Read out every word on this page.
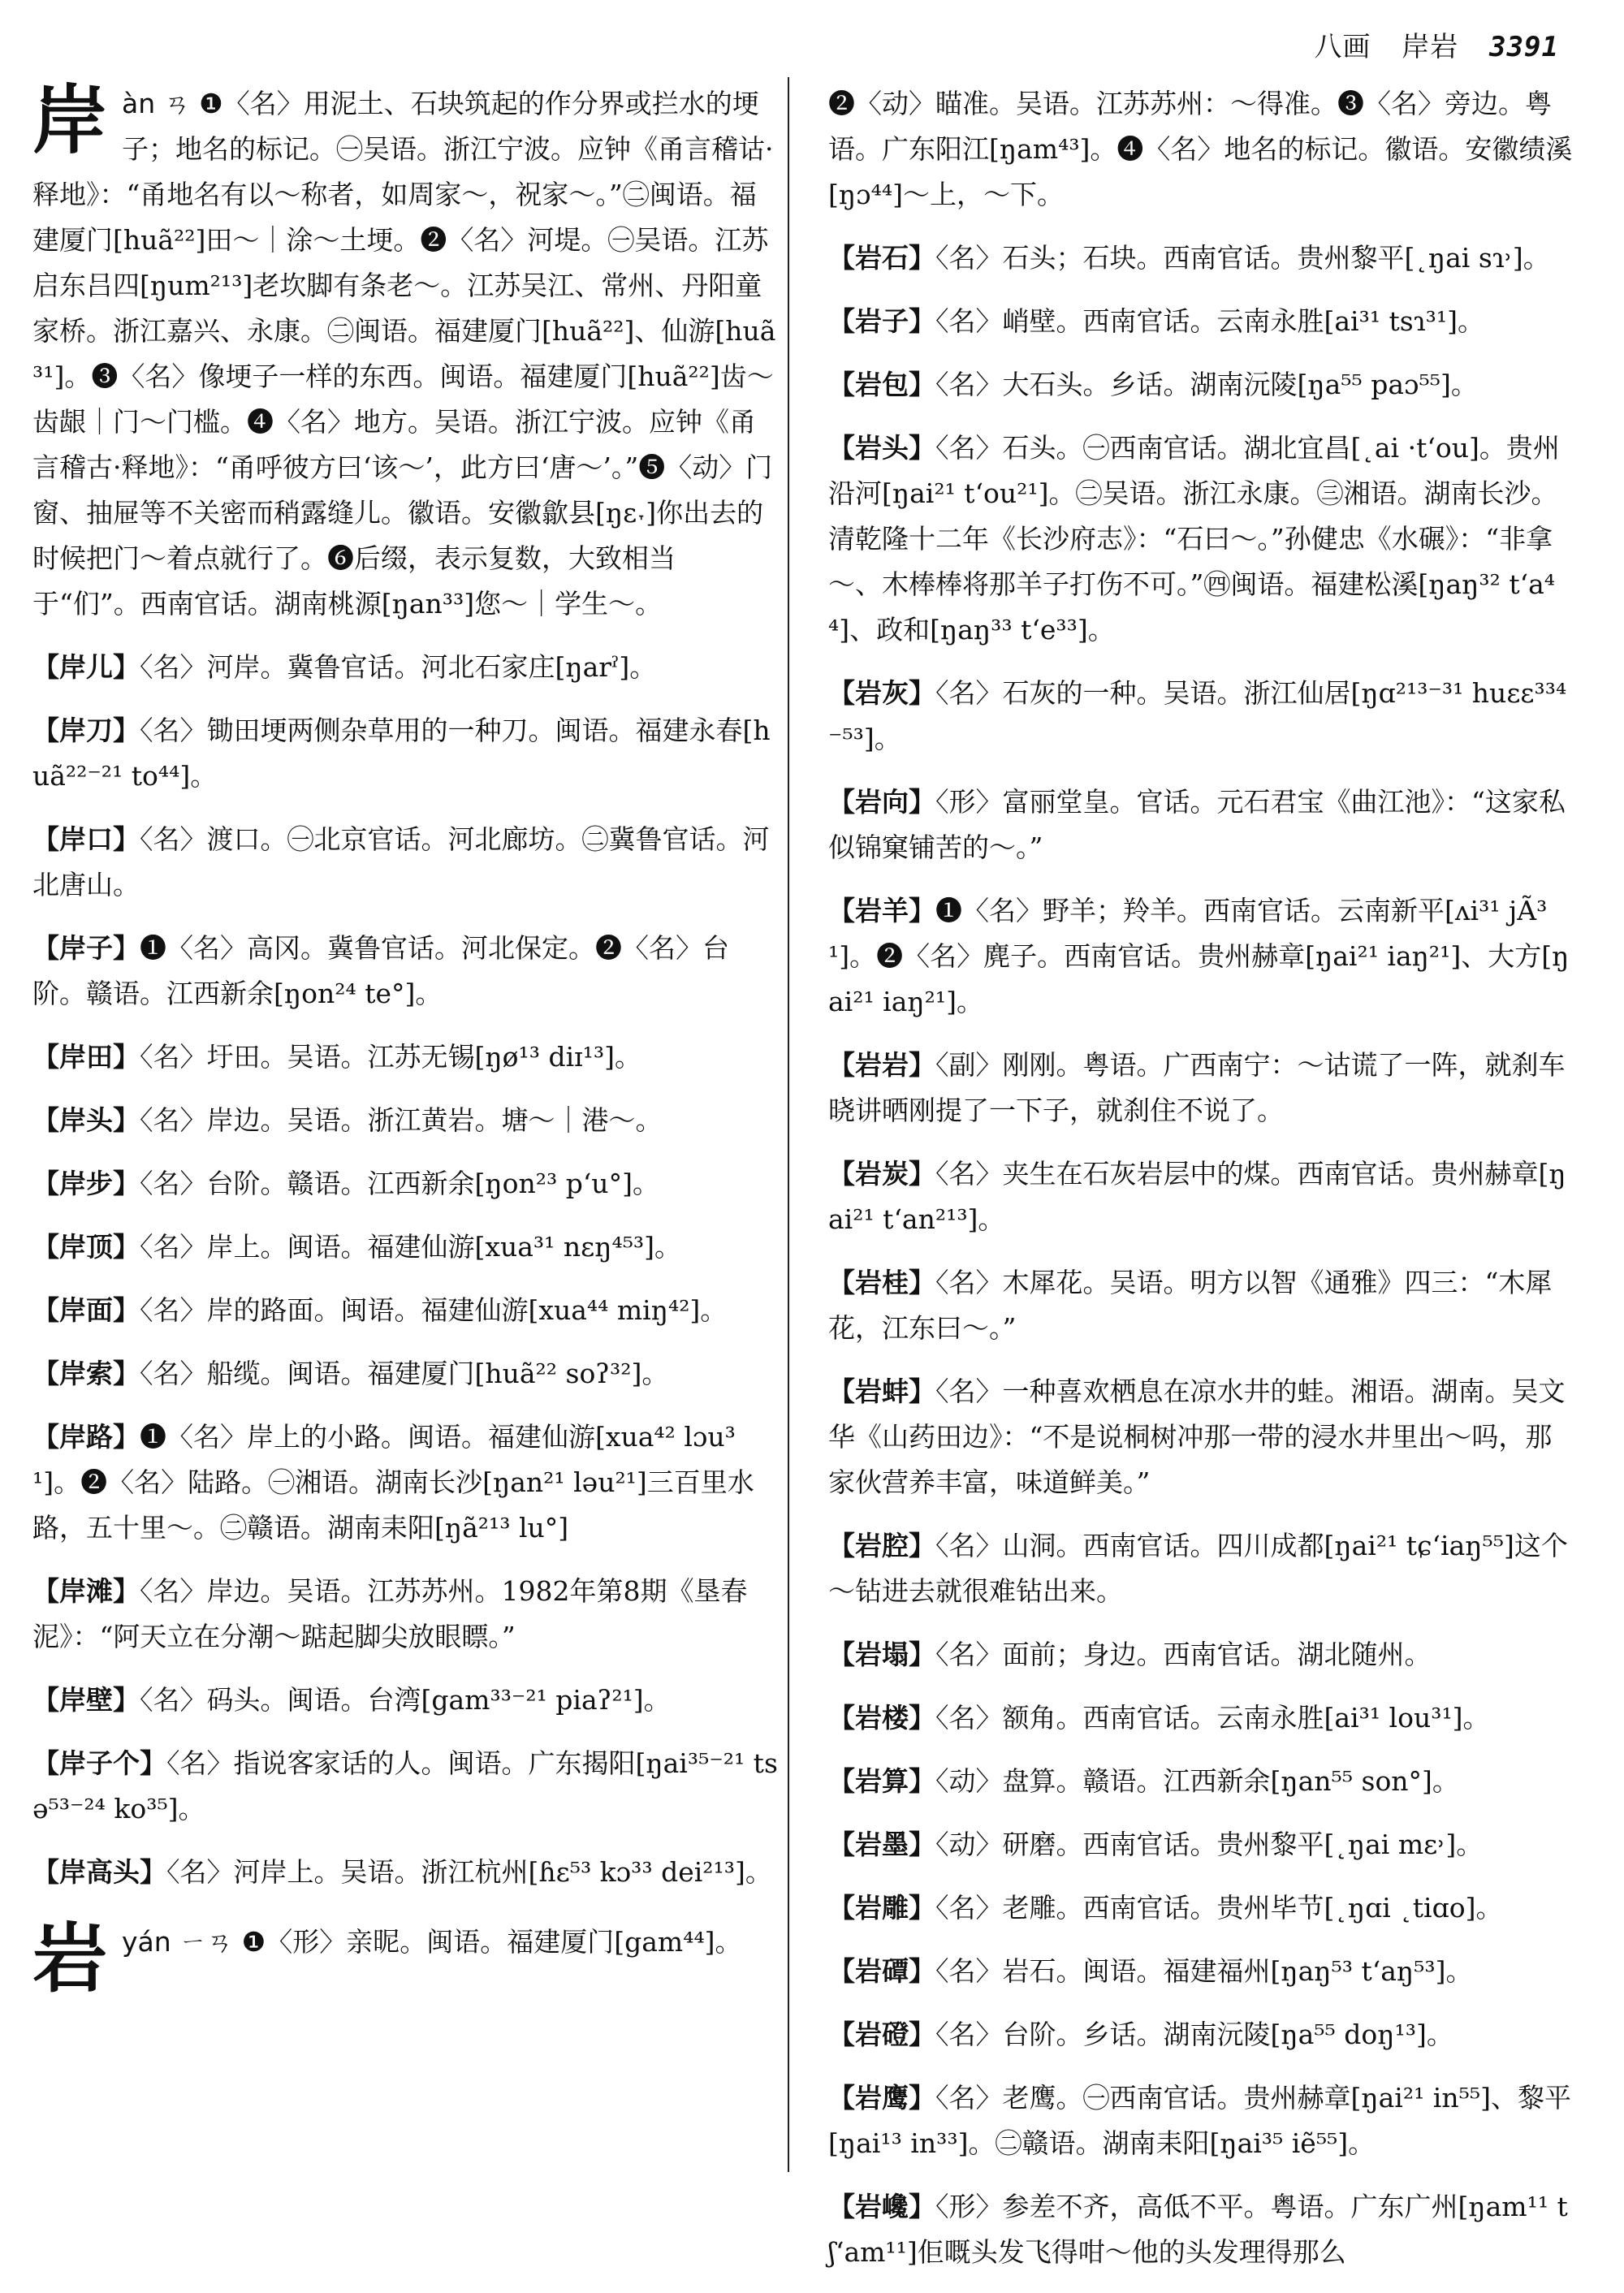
八画 岸岩 3391
岸 àn ㄢ ❶〈名〉用泥土、石块筑起的作分界或拦水的埂子；地名的标记。㊀吴语。浙江宁波。应钟《甬言稽诂·释地》：“甬地名有以～称者，如周家～，祝家～。”㊁闽语。福建厦门[huã²²]田～｜涂～土埂。❷〈名〉河堤。㊀吴语。江苏启东吕四[ŋum²¹³]老坎脚有条老～。江苏吴江、常州、丹阳童家桥。浙江嘉兴、永康。㊁闽语。福建厦门[huã²²]、仙游[huã³¹]。❸〈名〉像埂子一样的东西。闽语。福建厦门[huã²²]齿～齿龈｜门～门槛。❹〈名〉地方。吴语。浙江宁波。应钟《甬言稽古·释地》：“甬呼彼方曰‘该～’，此方曰‘唐～’。”❺〈动〉门窗、抽屉等不关密而稍露缝儿。徽语。安徽歙县[ŋɛ˕]你出去的时候把门～着点就行了。❻后缀，表示复数，大致相当于“们”。西南官话。湖南桃源[ŋan³³]您～｜学生～。
【岸儿】〈名〉河岸。冀鲁官话。河北石家庄[ŋarˀ]。
【岸刀】〈名〉锄田埂两侧杂草用的一种刀。闽语。福建永春[huã²²⁻²¹ to⁴⁴]。
【岸口】〈名〉渡口。㊀北京官话。河北廊坊。㊁冀鲁官话。河北唐山。
【岸子】❶〈名〉高冈。冀鲁官话。河北保定。❷〈名〉台阶。赣语。江西新余[ŋon²⁴ te°]。
【岸田】〈名〉圩田。吴语。江苏无锡[ŋø¹³ diɪ¹³]。
【岸头】〈名〉岸边。吴语。浙江黄岩。塘～｜港～。
【岸步】〈名〉台阶。赣语。江西新余[ŋon²³ p‘u°]。
【岸顶】〈名〉岸上。闽语。福建仙游[xua³¹ nɛŋ⁴⁵³]。
【岸面】〈名〉岸的路面。闽语。福建仙游[xua⁴⁴ miŋ⁴²]。
【岸索】〈名〉船缆。闽语。福建厦门[huã²² soʔ³²]。
【岸路】❶〈名〉岸上的小路。闽语。福建仙游[xua⁴² lɔu³¹]。❷〈名〉陆路。㊀湘语。湖南长沙[ŋan²¹ ləu²¹]三百里水路，五十里～。㊁赣语。湖南耒阳[ŋã²¹³ lu°]
【岸滩】〈名〉岸边。吴语。江苏苏州。1982年第8期《垦春泥》：“阿天立在分潮～踮起脚尖放眼瞟。”
【岸壁】〈名〉码头。闽语。台湾[gam³³⁻²¹ piaʔ²¹]。
【岸子个】〈名〉指说客家话的人。闽语。广东揭阳[ŋai³⁵⁻²¹ tsə⁵³⁻²⁴ ko³⁵]。
【岸高头】〈名〉河岸上。吴语。浙江杭州[ɦɛ⁵³ kɔ³³ dei²¹³]。
岩 yán ㄧㄢ ❶〈形〉亲昵。闽语。福建厦门[gam⁴⁴]。
❷〈动〉瞄准。吴语。江苏苏州：～得准。❸〈名〉旁边。粤语。广东阳江[ŋam⁴³]。❹〈名〉地名的标记。徽语。安徽绩溪[ŋɔ⁴⁴]～上，～下。
【岩石】〈名〉石头；石块。西南官话。贵州黎平[˛ŋai sɿ˒]。
【岩子】〈名〉峭壁。西南官话。云南永胜[ai³¹ tsɿ³¹]。
【岩包】〈名〉大石头。乡话。湖南沅陵[ŋa⁵⁵ paɔ⁵⁵]。
【岩头】〈名〉石头。㊀西南官话。湖北宜昌[˛ai ·t‘ou]。贵州沿河[ŋai²¹ t‘ou²¹]。㊁吴语。浙江永康。㊂湘语。湖南长沙。清乾隆十二年《长沙府志》：“石曰～。”孙健忠《水碾》：“非拿～、木棒棒将那羊子打伤不可。”㊃闽语。福建松溪[ŋaŋ³² t‘a⁴⁴]、政和[ŋaŋ³³ t‘e³³]。
【岩灰】〈名〉石灰的一种。吴语。浙江仙居[ŋɑ²¹³⁻³¹ huɛɛ³³⁴⁻⁵³]。
【岩向】〈形〉富丽堂皇。官话。元石君宝《曲江池》：“这家私似锦窠铺苦的～。”
【岩羊】❶〈名〉野羊；羚羊。西南官话。云南新平[ʌi³¹ jÃ³¹]。❷〈名〉麂子。西南官话。贵州赫章[ŋai²¹ iaŋ²¹]、大方[ŋai²¹ iaŋ²¹]。
【岩岩】〈副〉刚刚。粤语。广西南宁：～诂谎了一阵，就刹车晓讲晒刚提了一下子，就刹住不说了。
【岩炭】〈名〉夹生在石灰岩层中的煤。西南官话。贵州赫章[ŋai²¹ t‘an²¹³]。
【岩桂】〈名〉木犀花。吴语。明方以智《通雅》四三：“木犀花，江东曰～。”
【岩蚌】〈名〉一种喜欢栖息在凉水井的蛙。湘语。湖南。吴文华《山药田边》：“不是说桐树冲那一带的浸水井里出～吗，那家伙营养丰富，味道鲜美。”
【岩腔】〈名〉山洞。西南官话。四川成都[ŋai²¹ tɕ‘iaŋ⁵⁵]这个～钻进去就很难钻出来。
【岩塌】〈名〉面前；身边。西南官话。湖北随州。
【岩楼】〈名〉额角。西南官话。云南永胜[ai³¹ lou³¹]。
【岩算】〈动〉盘算。赣语。江西新余[ŋan⁵⁵ son°]。
【岩墨】〈动〉研磨。西南官话。贵州黎平[˛ŋai mɛ˒]。
【岩雕】〈名〉老雕。西南官话。贵州毕节[˛ŋɑi ˛tiɑo]。
【岩磹】〈名〉岩石。闽语。福建福州[ŋaŋ⁵³ t‘aŋ⁵³]。
【岩磴】〈名〉台阶。乡话。湖南沅陵[ŋa⁵⁵ doŋ¹³]。
【岩鹰】〈名〉老鹰。㊀西南官话。贵州赫章[ŋai²¹ in⁵⁵]、黎平[ŋai¹³ in³³]。㊁赣语。湖南耒阳[ŋai³⁵ iẽ⁵⁵]。
【岩巉】〈形〉参差不齐，高低不平。粤语。广东广州[ŋam¹¹ tʃ‘am¹¹]佢嘅头发飞得咁～他的头发理得那么
